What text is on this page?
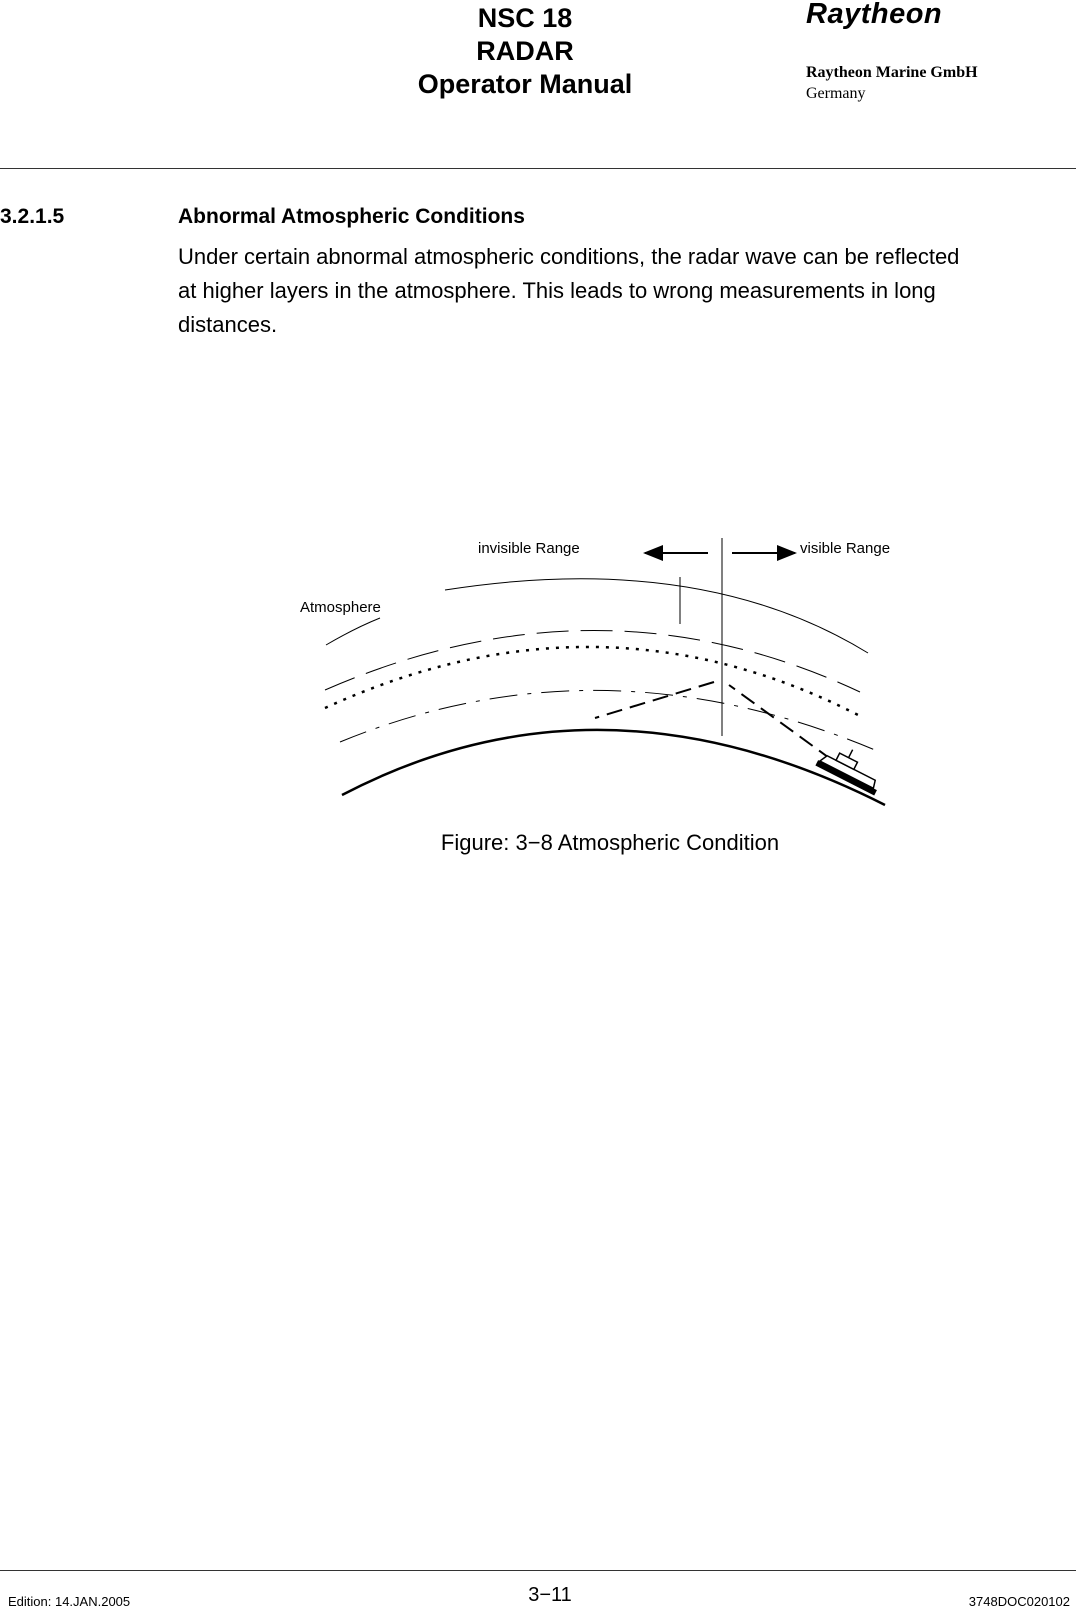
NSC 18
RADAR
Operator Manual
Raytheon
Raytheon Marine GmbH
Germany
3.2.1.5	Abnormal Atmospheric Conditions
Under certain abnormal atmospheric conditions, the radar wave can be reflected
at higher layers in the atmosphere. This leads to wrong measurements in long
distances.
invisible Range	visible Range
Atmosphere
Figure: 3−8 Atmospheric Condition
Edition: 14.JAN.2005	3−11	3748DOC020102
